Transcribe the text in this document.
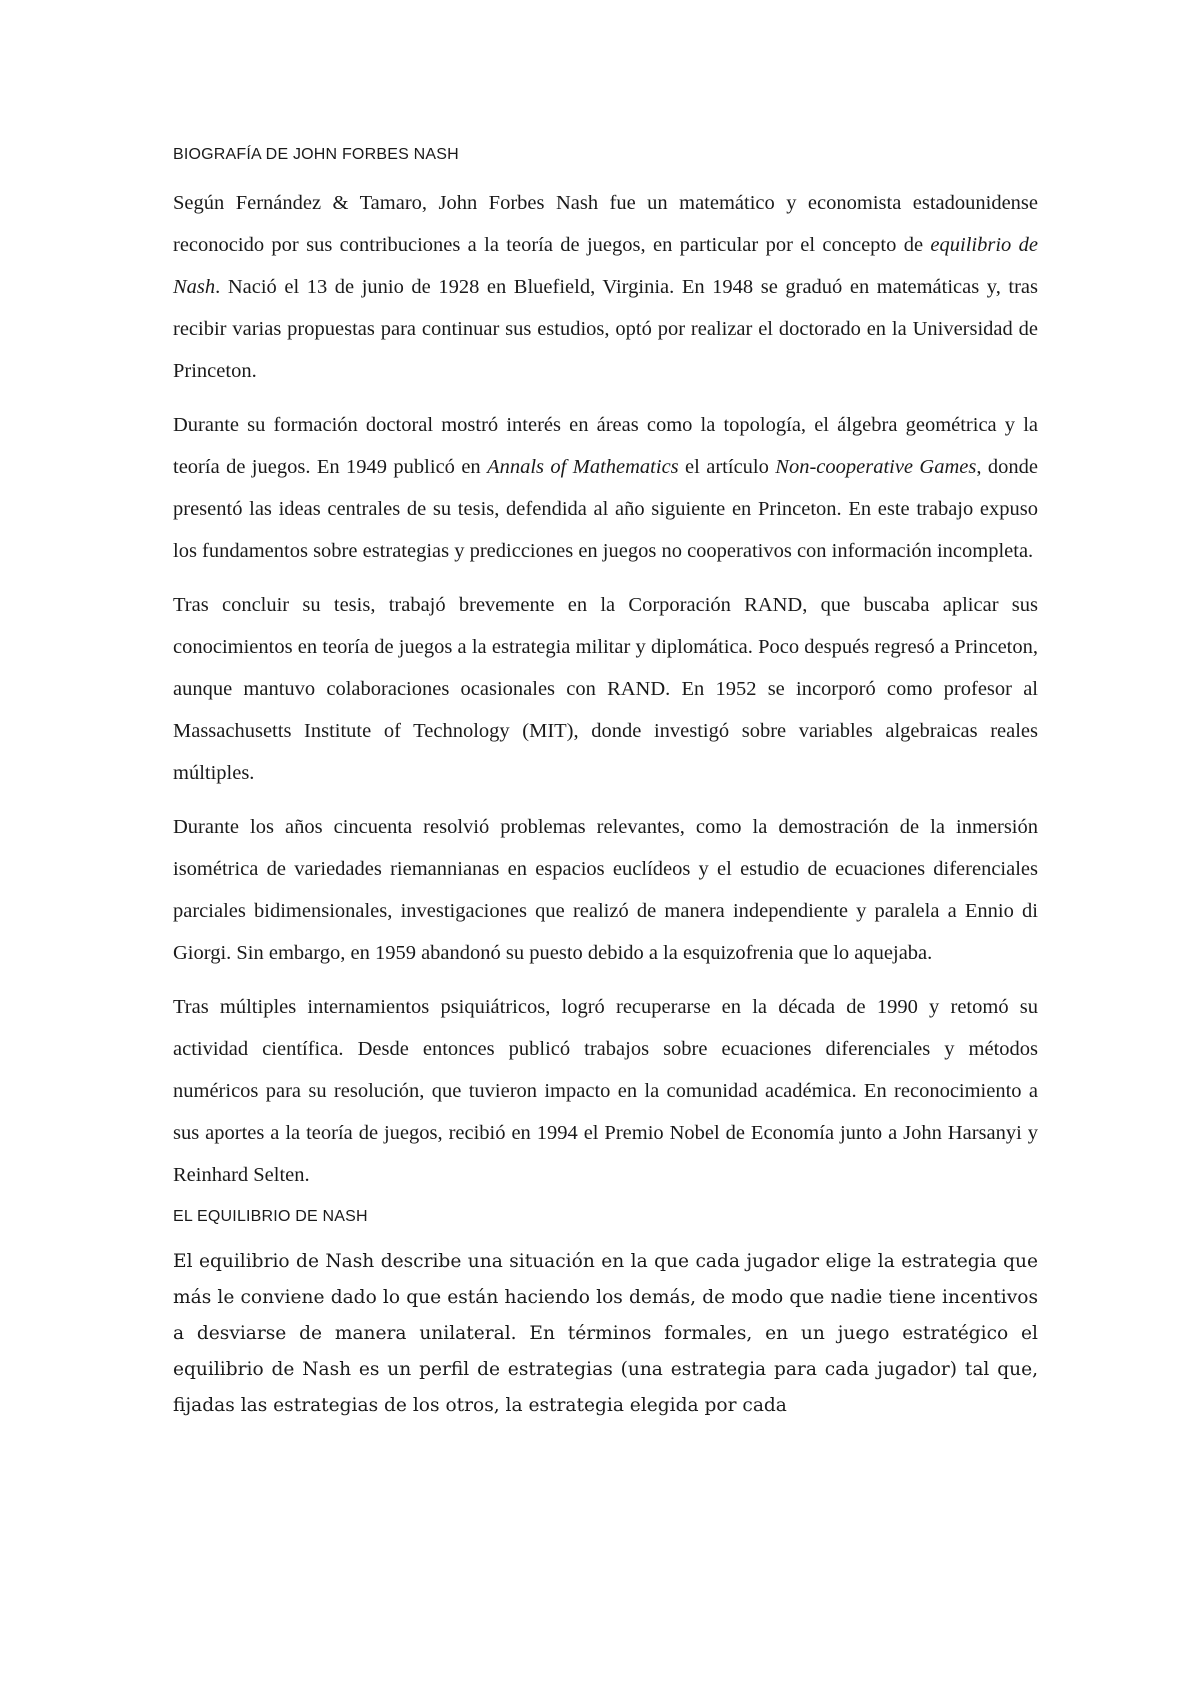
BIOGRAFÍA DE JOHN FORBES NASH

Según Fernández & Tamaro, John Forbes Nash fue un matemático y economista estadounidense reconocido por sus contribuciones a la teoría de juegos, en particular por el concepto de equilibrio de Nash. Nació el 13 de junio de 1928 en Bluefield, Virginia. En 1948 se graduó en matemáticas y, tras recibir varias propuestas para continuar sus estudios, optó por realizar el doctorado en la Universidad de Princeton.

Durante su formación doctoral mostró interés en áreas como la topología, el álgebra geométrica y la teoría de juegos. En 1949 publicó en Annals of Mathematics el artículo Non-cooperative Games, donde presentó las ideas centrales de su tesis, defendida al año siguiente en Princeton. En este trabajo expuso los fundamentos sobre estrategias y predicciones en juegos no cooperativos con información incompleta.

Tras concluir su tesis, trabajó brevemente en la Corporación RAND, que buscaba aplicar sus conocimientos en teoría de juegos a la estrategia militar y diplomática. Poco después regresó a Princeton, aunque mantuvo colaboraciones ocasionales con RAND. En 1952 se incorporó como profesor al Massachusetts Institute of Technology (MIT), donde investigó sobre variables algebraicas reales múltiples.

Durante los años cincuenta resolvió problemas relevantes, como la demostración de la inmersión isométrica de variedades riemannianas en espacios euclídeos y el estudio de ecuaciones diferenciales parciales bidimensionales, investigaciones que realizó de manera independiente y paralela a Ennio di Giorgi. Sin embargo, en 1959 abandonó su puesto debido a la esquizofrenia que lo aquejaba.

Tras múltiples internamientos psiquiátricos, logró recuperarse en la década de 1990 y retomó su actividad científica. Desde entonces publicó trabajos sobre ecuaciones diferenciales y métodos numéricos para su resolución, que tuvieron impacto en la comunidad académica. En reconocimiento a sus aportes a la teoría de juegos, recibió en 1994 el Premio Nobel de Economía junto a John Harsanyi y Reinhard Selten.

EL EQUILIBRIO DE NASH

El equilibrio de Nash describe una situación en la que cada jugador elige la estrategia que más le conviene dado lo que están haciendo los demás, de modo que nadie tiene incentivos a desviarse de manera unilateral. En términos formales, en un juego estratégico el equilibrio de Nash es un perfil de estrategias (una estrategia para cada jugador) tal que, fijadas las estrategias de los otros, la estrategia elegida por cada
